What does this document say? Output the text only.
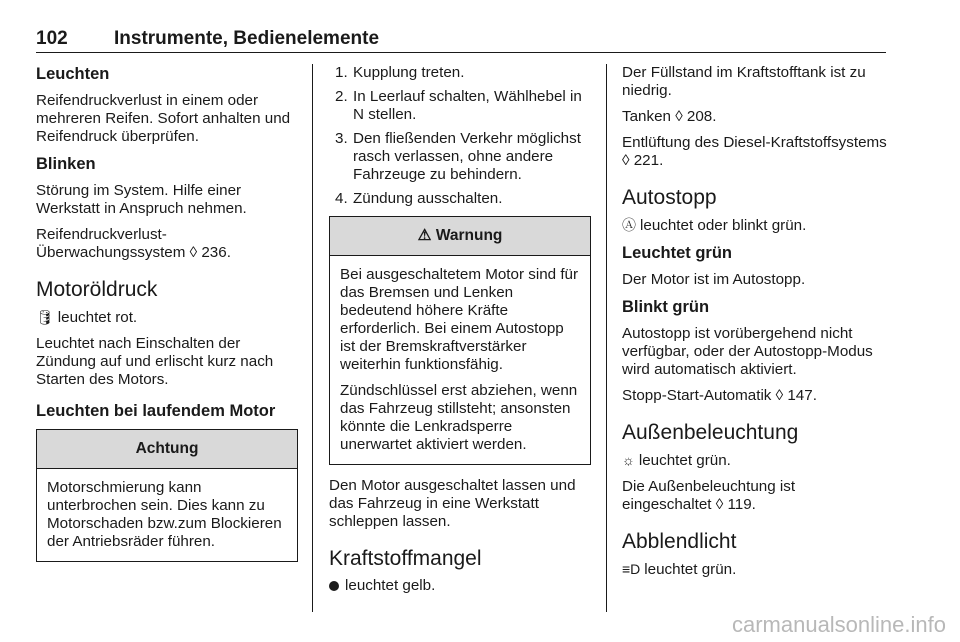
102 Instrumente, Bedienelemente
Leuchten

Reifendruckverlust in einem oder mehreren Reifen. Sofort anhalten und Reifendruck überprüfen.

Blinken

Störung im System. Hilfe einer Werkstatt in Anspruch nehmen.

Reifendruckverlust-Überwachungssystem ◊ 236.

Motoröldruck

🛢︎ leuchtet rot.

Leuchtet nach Einschalten der Zündung auf und erlischt kurz nach Starten des Motors.

Leuchten bei laufendem Motor
Achtung

Motorschmierung kann unterbrochen sein. Dies kann zu Motorschaden bzw.zum Blockieren der Antriebsräder führen.

1. Kupplung treten.
2. In Leerlauf schalten, Wählhebel in N stellen.
3. Den fließenden Verkehr möglichst rasch verlassen, ohne andere Fahrzeuge zu behindern.
4. Zündung ausschalten.
⚠ Warnung

Bei ausgeschaltetem Motor sind für das Bremsen und Lenken bedeutend höhere Kräfte erforderlich. Bei einem Autostopp ist der Bremskraftverstärker weiterhin funktionsfähig.

Zündschlüssel erst abziehen, wenn das Fahrzeug stillsteht; ansonsten könnte die Lenkradsperre unerwartet aktiviert werden.

Den Motor ausgeschaltet lassen und das Fahrzeug in eine Werkstatt schleppen lassen.

Kraftstoffmangel

leuchtet gelb.

Der Füllstand im Kraftstofftank ist zu niedrig.

Tanken ◊ 208.

Entlüftung des Diesel-Kraftstoffsystems ◊ 221.

Autostopp

Ⓐ leuchtet oder blinkt grün.

Leuchtet grün

Der Motor ist im Autostopp.

Blinkt grün

Autostopp ist vorübergehend nicht verfügbar, oder der Autostopp-Modus wird automatisch aktiviert.

Stopp-Start-Automatik ◊ 147.

Außenbeleuchtung

☼ leuchtet grün.

Die Außenbeleuchtung ist eingeschaltet ◊ 119.

Abblendlicht

≡D leuchtet grün.

carmanualsonline.info
